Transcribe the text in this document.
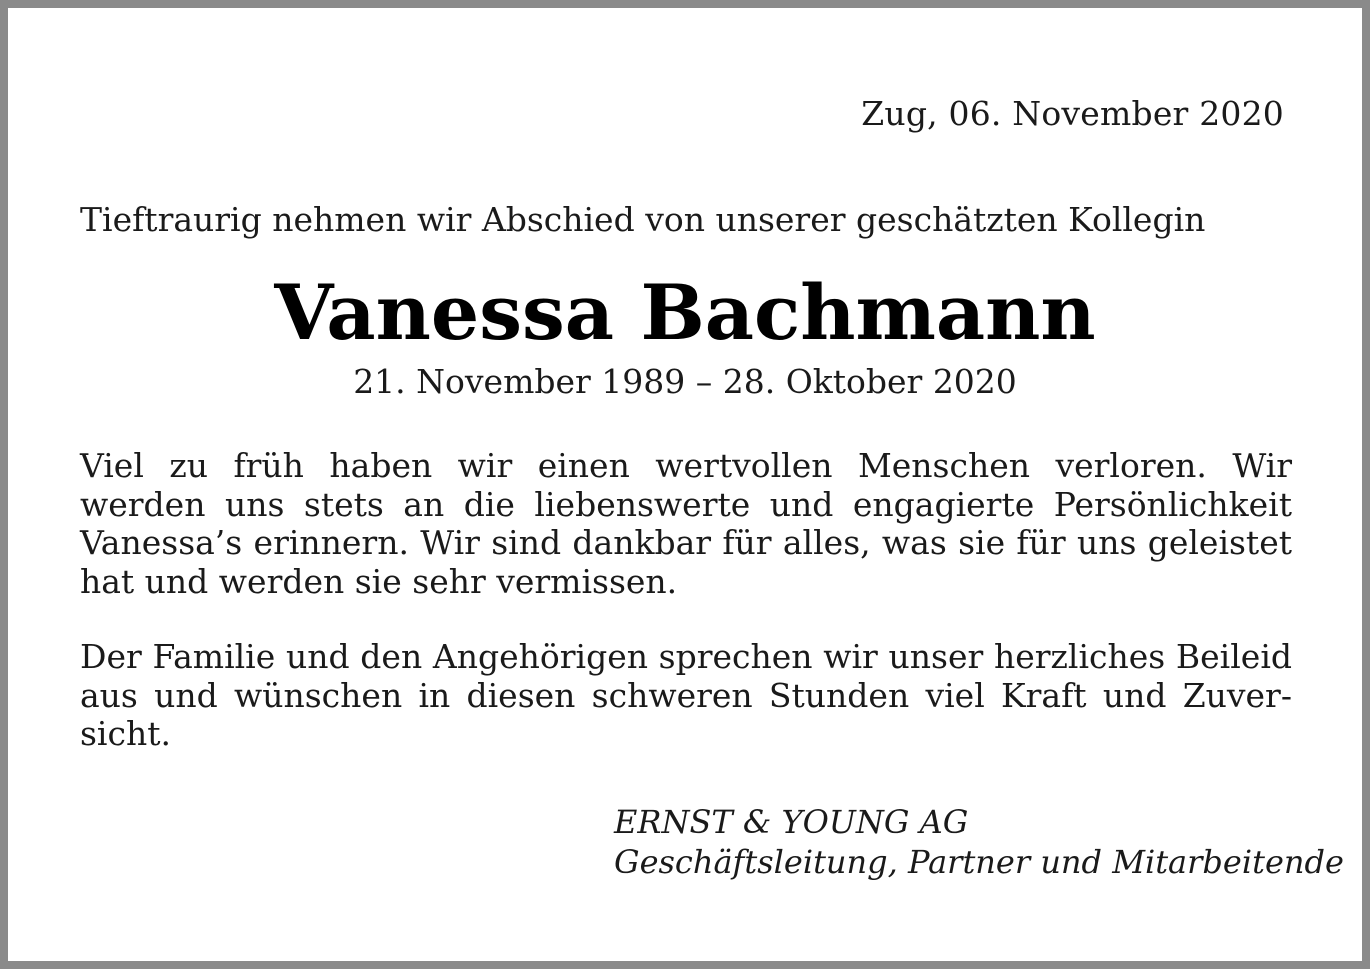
Zug, 06. November 2020
Tieftraurig nehmen wir Abschied von unserer geschätzten Kollegin
Vanessa Bachmann
21. November 1989 – 28. Oktober 2020
Viel zu früh haben wir einen wertvollen Menschen verloren. Wir werden uns stets an die liebenswerte und engagierte Persönlichkeit Vanessa’s erinnern. Wir sind dankbar für alles, was sie für uns geleistet hat und werden sie sehr vermissen.
Der Familie und den Angehörigen sprechen wir unser herzliches Beileid aus und wünschen in diesen schweren Stunden viel Kraft und Zuversicht.
ERNST & YOUNG AG
Geschäftsleitung, Partner und Mitarbeitende
